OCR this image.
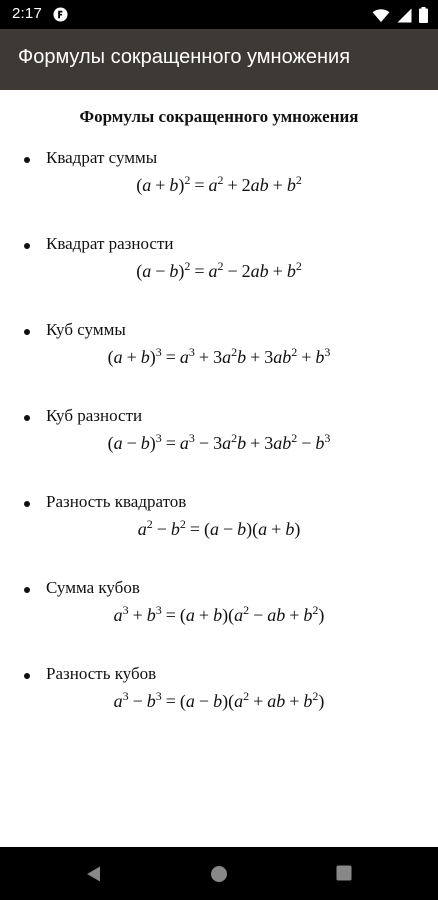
2:17
Формулы сокращенного умножения
Формулы сокращенного умножения
Квадрат суммы
$(a + b)^2 = a^2 + 2ab + b^2$
Квадрат разности
$(a - b)^2 = a^2 - 2ab + b^2$
Куб суммы
$(a + b)^3 = a^3 + 3a^2b + 3ab^2 + b^3$
Куб разности
$(a - b)^3 = a^3 - 3a^2b + 3ab^2 - b^3$
Разность квадратов
$a^2 - b^2 = (a - b)(a + b)$
Сумма кубов
$a^3 + b^3 = (a + b)(a^2$ − ab + $b^2$)
Разность кубов
$a^3 - b^3 = (a - b)(a^2$ + ab + $b^2$)
